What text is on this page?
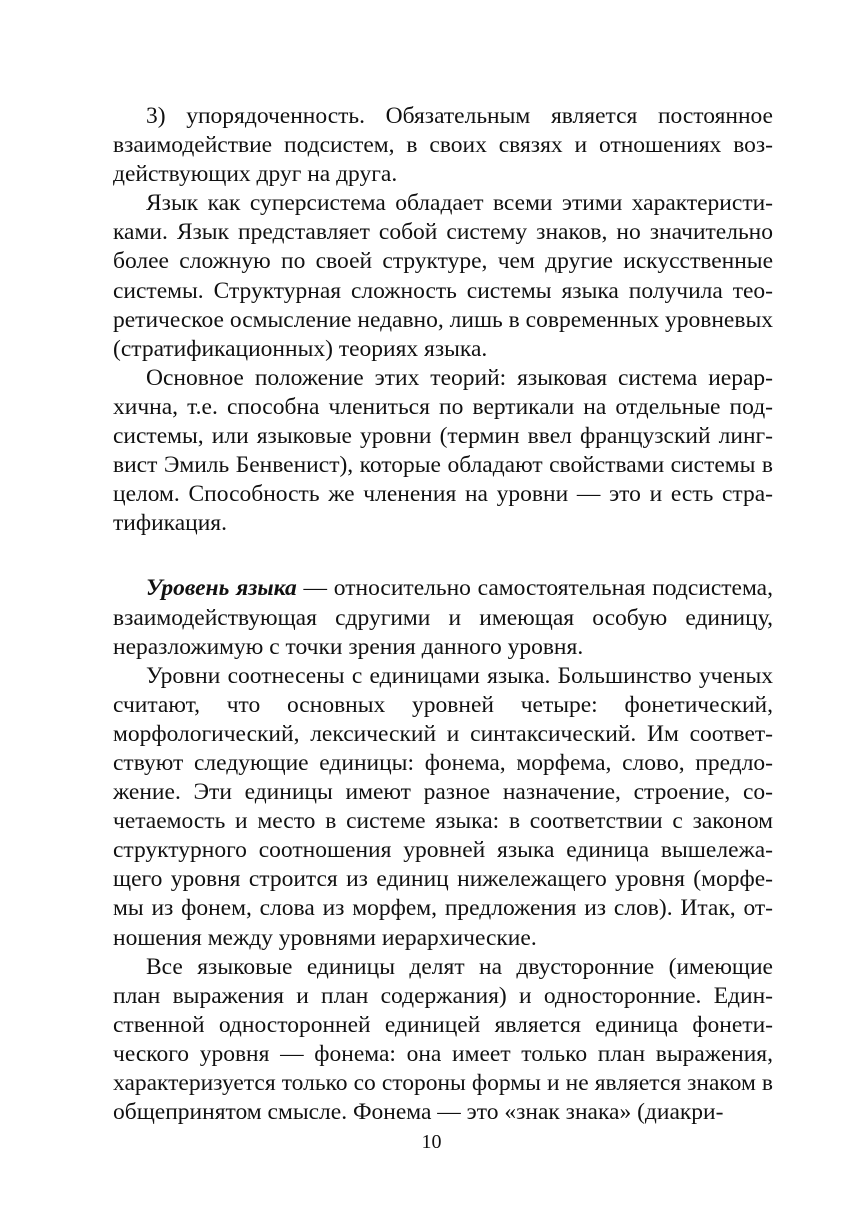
3) упорядоченность. Обязательным является постоянное взаимодействие подсистем, в своих связях и отношениях воздействующих друг на друга.

Язык как суперсистема обладает всеми этими характеристиками. Язык представляет собой систему знаков, но значительно более сложную по своей структуре, чем другие искусственные системы. Структурная сложность системы языка получила теоретическое осмысление недавно, лишь в современных уровневых (стратификационных) теориях языка.

Основное положение этих теорий: языковая система иерархична, т.е. способна члениться по вертикали на отдельные подсистемы, или языковые уровни (термин ввел французский лингвист Эмиль Бенвенист), которые обладают свойствами системы в целом. Способность же членения на уровни — это и есть стратификация.

Уровень языка — относительно самостоятельная подсистема, взаимодействующая сдругими и имеющая особую единицу, неразложимую с точки зрения данного уровня.

Уровни соотнесены с единицами языка. Большинство ученых считают, что основных уровней четыре: фонетический, морфологический, лексический и синтаксический. Им соответствуют следующие единицы: фонема, морфема, слово, предложение. Эти единицы имеют разное назначение, строение, сочетаемость и место в системе языка: в соответствии с законом структурного соотношения уровней языка единица вышележащего уровня строится из единиц нижележащего уровня (морфемы из фонем, слова из морфем, предложения из слов). Итак, отношения между уровнями иерархические.

Все языковые единицы делят на двусторонние (имеющие план выражения и план содержания) и односторонние. Единственной односторонней единицей является единица фонетического уровня — фонема: она имеет только план выражения, характеризуется только со стороны формы и не является знаком в общепринятом смысле. Фонема — это «знак знака» (диакри-

10
